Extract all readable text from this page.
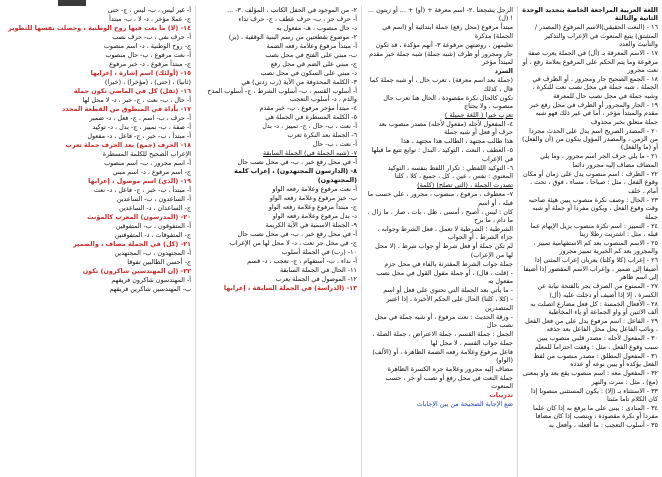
اللغة العربية المراجعة الخاصة بتحديد الوحدة الثانية والثالثة

١٦ - (النعت الحقيقي)الاسم المرفوع (المصدر / المشتق) يتبع المنعوت في الإعراب والتذكير والتأنيث والعدد

١٧ - الاسم المعرفة بـ (أل) في الجملة يعرب صفة مرفوعة وما يتم الحكم على المرفوع بعلامة رفع ، أو نعت مجرور

١٨ - الجمع الصحيح جار ومجرور ، أو الظرف في الجملة ، شبه جملة في محل نصب نعت للنكرة ، وشبه جملة في محل نصب حال للمعرفة

١٩ - الجار والمجرور أو الظرف في محل رفع خبر مقدم والمبتدأ مؤخر ، أما في غير ذلك فهو شبه جملة متعلق بخبر محذوف

٢٠ - المصدر الصريح اسم يدل على الحدث مجردا من الزمن ، والمصدر المؤول يتكون من (أن والفعل) أو (ما والفعل)

٢١ - ما يلي حرف الجر اسم مجرور ، وما يلي المضاف مضاف إليه مجرور دائما

٢٢ - الظرف : اسم منصوب يدل على زمان أو مكان وقوع الفعل ، مثل : صباحا ، مساء ، فوق ، تحت ، أمام ، خلف

٢٣ - الحال : وصف نكرة منصوب يبين هيئة صاحبه وقت وقوع الفعل ، ويكون مفردا أو جملة أو شبه جملة

٢٤ - التمييز : اسم نكرة منصوب يزيل الإبهام عما قبله ، مثل : اشتريت رطلا زيتا

٢٥ - الاسم المنصوب بعد كم الاستفهامية تمييز ، والمجرور بعد كم الخبرية تمييز مجرور

٢٦ - إعراب (كلا وكلتا) يعربان إعراب المثنى إذا أضيفا إلى ضمير ، وإعراب الاسم المقصور إذا أضيفا إلى اسم ظاهر

٢٧ - الممنوع من الصرف يجر بالفتحة نيابة عن الكسرة ، إلا إذا أضيف أو دخلت عليه (أل)

٢٨ - الأفعال الخمسة : كل فعل مضارع اتصلت به ألف الاثنين أو واو الجماعة أو ياء المخاطبة

٢٩ - الفاعل : اسم مرفوع يدل على من فعل الفعل ، ونائب الفاعل يحل محل الفاعل بعد حذفه

٣٠ - المفعول لأجله : مصدر قلبي منصوب يبين سبب وقوع الفعل ، مثل : وقفت احتراما للمعلم

٣١ - المفعول المطلق : مصدر منصوب من لفظ الفعل يؤكده أو يبين نوعه أو عدده

٣٢ - المفعول معه : اسم منصوب يقع بعد واو بمعنى (مع) ، مثل : سرت والنهر

٣٣ - الاستثناء بـ (إلا) : يكون المستثنى منصوبا إذا كان الكلام تاما مثبتا

٣٤ - المنادى : يبنى على ما يرفع به إذا كان علما مفردا أو نكرة مقصودة ، وينصب إذا كان مضافا

٣٥ - أسلوب التعجب : ما أفعله ، وأفعل به

الرجل يشجعنا .٢- اسم معرفة + (أو) + ... أو زيتون ... ! (ل)

مبتدأ مرفوع (محل رفع) جملة ابتدائية أو (اسم في الجملة) مذكرة

تعليمهن ، روضتهن مرفوعة ٣- أنهم مؤكدة ، قد تكون

جار ومجرور أو ظرف (شبه جملة) شبه جملة خبر مقدم لمبتدأ مؤخر

السرد

(جملة بعد اسم معرفة) ، تعرب حال ، أو شبه جملة كما قال ، كذلك

تكون كالحال نكرة مقصودة ، الحال هنا تعرب حال منصوب ، ولا يحتاج

تعرب خبرا ( اللغة جميلة )

٤- المفعول لأجله (مفعول لأجله) مصدر منصوب بعد حرف أو فعل أو شبه جملة

هذا طالب مجتهد ، الطالب هذا مجتهد ، هذا

٥- العطف ، النعت ، التوكيد ، البدل : توابع تتبع ما قبلها في الإعراب

٦- التوكيد اللفظي : تكرار اللفظ بنفسه ، التوكيد المعنوي : نفس ، عين ، كل ، جميع ، كلا ، كلتا

تصدرت الجملة ، (التي تصلح) (كلمة)

٧- معطوف ، مرفوع ، منصوب ، مجرور ، على حسب ما قبله ، أو اسم

كان : ليس ، أصبح ، أمسى ، ظل ، بات ، صار ، ما زال ، ما دام ، ما برح

الشرطية ؛ الشرطية لا تعمل ، فعل الشرط وجوابه ، جزاء الشرط ، أو الجواب

لم تكن جملة أو فعل شرط أو جواب شرط ، (لا محل لها من الإعراب)

جملة جواب الشرط المقترنة بالفاء في محل جزم

- (قلت ، قال) ، أو جملة مقول القول في محل نصب مفعول به

- ما يأتي بعد الجملة التي تحتوي على فعل أو اسم

- (كلا ، كلتا) الحال على الحكم الأخيرة ، إذا اعتبر المتصدرين

- ورقة الحديث : نعت مرفوع ، أو شبه جملة في محل نصب حال

الجمل : جملة القسم ، جملة الاعتراض ، جملة الصلة ، جملة جواب القسم ، لا محل لها

فاعل مرفوع وعلامة رفعه الضمة الظاهرة ، أو (الألف) (الواو)

مضاف إليه مجرور وعلامة جره الكسرة الظاهرة

جملة النعت في محل رفع أو نصب أو جر ، حسب المنعوت

تدريبات

ضع الإجابة الصحيحة من بين الإجابات

٢- من الموجود في الحفل الكاتب ، المؤلف .٣- ...

أ- حرف جر ، ب- حرف عطف ، ج- حرف نداء

د- حال منصوب ، هـ- مفعول به

٢- موضوع بقطعتين من رسم البنية الوقفية ، (بر)

أ- مبتدأ مرفوع وعلامة رفعه الضمة

ب- مبني على الفتح في محل نصب

ج- مبني على الضم في محل رفع

د- مبني على السكون في محل نصب

٣- الكلمة المحذوفة من الآية (رب زدني) هي

أ- أسلوب القسم ، ب- أسلوب الشرط ، ج- أسلوب المدح والذم ، د- أسلوب التعجب

٤- مبتدأ مؤخر مرفوع ، ب- خبر مقدم

٥- الكلمة المسطرة في الجملة هي

أ- نعت ، ب- حال ، ج- تمييز ، د- بدل

٦- الجملة بعد النكرة تعرب

أ- نعت ، ب- حال

٧- (شبه الجملة في) الجملة السابقة

أ- في محل رفع خبر ، ب- في محل نصب حال

٨- (الدارسون المجتهدون) ، إعراب كلمة (المجتهدون)

أ- نعت مرفوع وعلامة رفعه الواو

ب- خبر مرفوع وعلامة رفعه الواو

ج- مبتدأ مرفوع وعلامة رفعه الواو

د- بدل مرفوع وعلامة رفعه الواو

٩- الجملة الاسمية في الآية الكريمة

أ- في محل رفع خبر ، ب- في محل نصب حال

ج- في محل جر نعت ، د- لا محل لها من الإعراب

١٠- (رب) في الجملة أسلوب

أ- نداء ، ب- استفهام ، ج- تعجب ، د- قسم

١١- الحال في الجملة السابقة

١٢- الموصول في الجملة يعرب

١٣- (الدراسة) في الجملة السابقة ، إعرابها

أ- غير ليس ، ب- ليس ، ج- حتى

ج- عملا مؤخر ، د- لا ، ب- مبتدأ

١٤- (لا) ما نعت فيها روح الوطنية ، وحصلت نفسها للتطوير

أ- حرف نفي ، ب- حرف نصب

ج- روح الوطنية ، د- اسم منصوب

أ- نعت مرفوع ، ب- حال منصوب

ج- مبتدأ مرفوع ، د- خبر مرفوع

١٥- (أولئك) اسم إشارة ، إعرابها

(ثانيا) ، (حتى) ، (مؤخرا) ، (خبرا)

١٦- (ثقل) كل في الماضي تكون جملة

أ- حال ، ب- نعت ، ج- خبر ، د- لا محل لها

١٧- بأداة في المنطوق من القطعة المحدد

أ- حرف ، ب- اسم ، ج- فعل ، د- ضمير

أ- صفة ، ب- تمييز ، ج- بدل ، د- توكيد

أ- مبتدأ ، ب- خبر ، ج- فاعل ، د- مفعول

١٨- الحرف (جمع) بعد الحرف جملة تعرب

الإعراب الصحيح للكلمة المسطرة

أ- اسم مجرور ، ب- اسم منصوب

ج- اسم مرفوع ، د- اسم مبني

١٩- (الذي) اسم موصول ، إعرابها

أ- مبتدأ ، ب- خبر ، ج- فاعل ، د- نعت

أ- الساعدون ، ب- الساعدين

ج- الساعدان ، د- الساعدين

٢٠- (المدرسون) المعرب كالمؤنث

أ- المتفوقون ، ب- المتفوقين

ج- المتفوقات ، د- المتفوقتين

٢١- (كل) في الجملة مضاف ، والضمير

أ- المجتهدون ، ب- المجتهدين

ج- أحسن الطالبين تفوقا

٢٢- (إن المهندسين شاكرون) تكون

أ- المهندسون شاكرون فريقهم

ب- المهندسين شاكرين فريقهم
